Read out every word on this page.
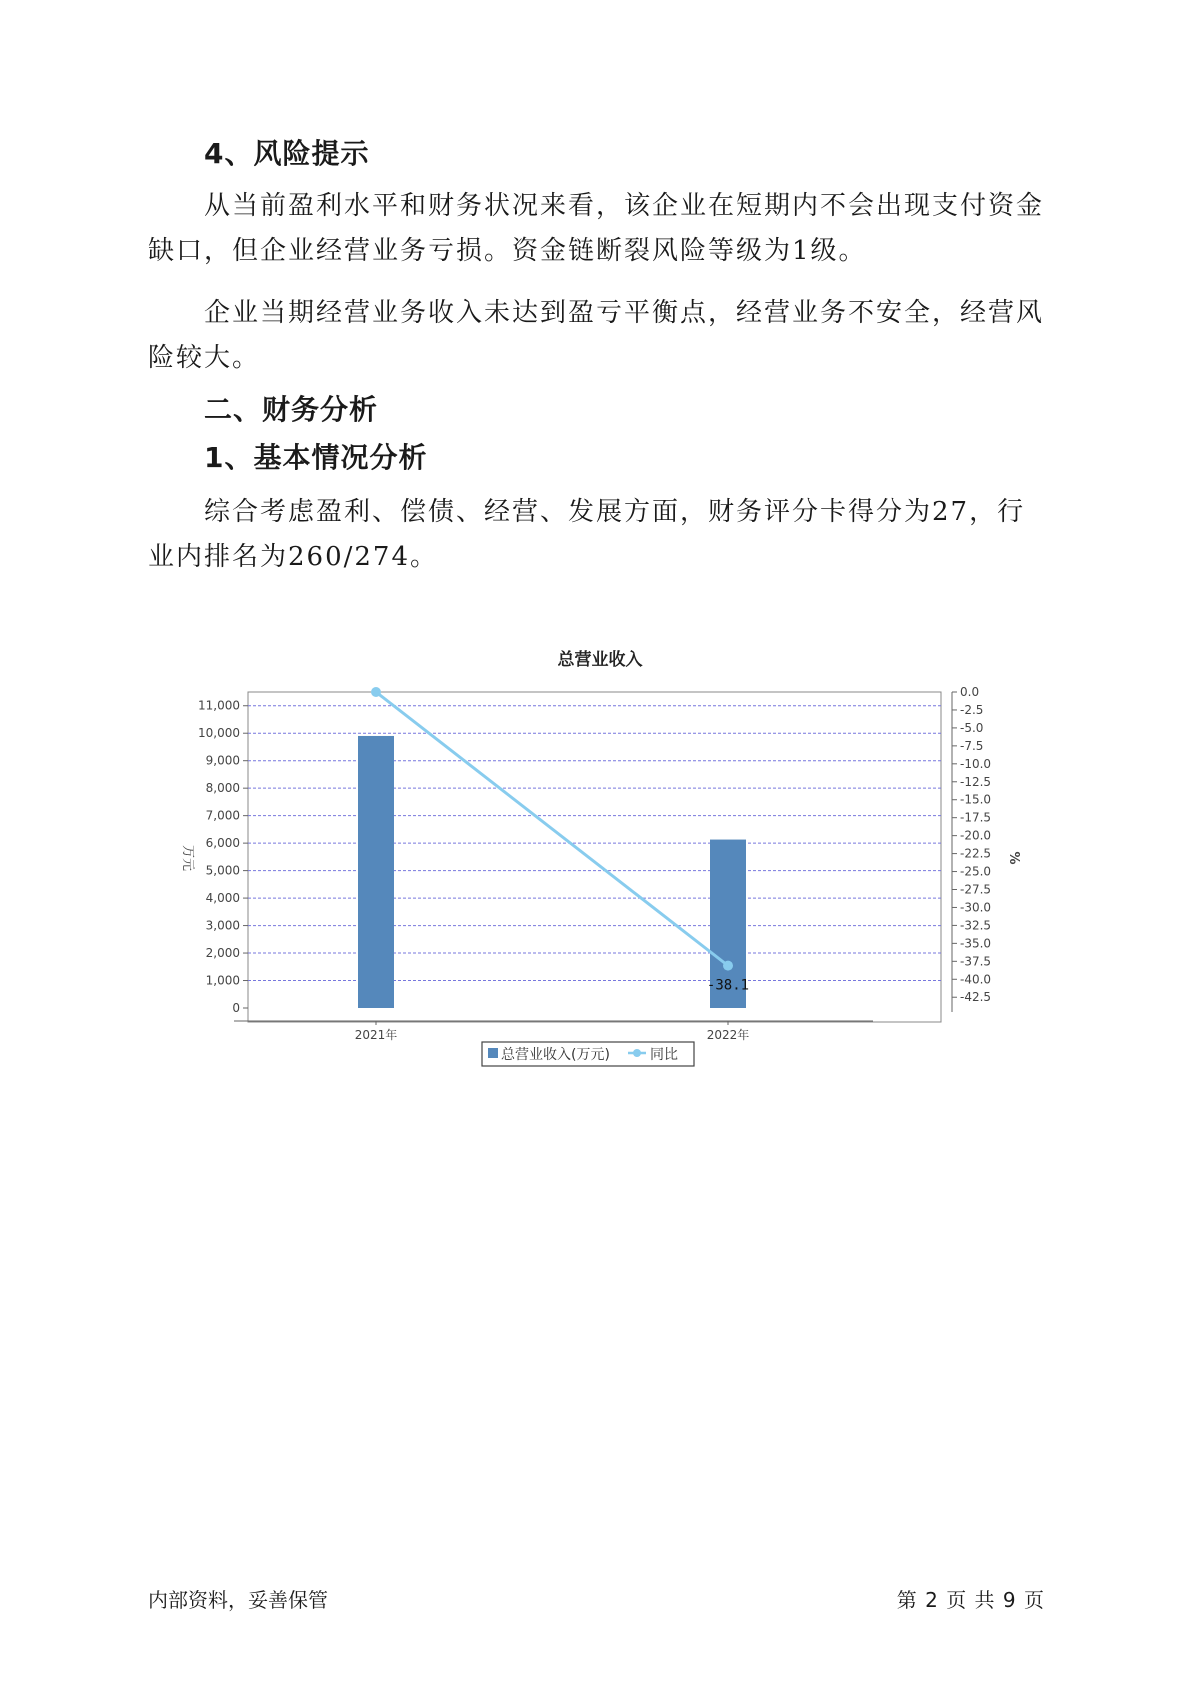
4、风险提示

从当前盈利水平和财务状况来看，该企业在短期内不会出现支付资金缺口，但企业经营业务亏损。资金链断裂风险等级为1级。

企业当期经营业务收入未达到盈亏平衡点，经营业务不安全，经营风险较大。

二、财务分析
1、基本情况分析

综合考虑盈利、偿债、经营、发展方面，财务评分卡得分为27，行业内排名为260/274。

总营业收入
0
1,000
2,000
3,000
4,000
5,000
6,000
7,000
8,000
9,000
10,000
11,000
0.0
-2.5
-5.0
-7.5
-10.0
-12.5
-15.0
-17.5
-20.0
-22.5
-25.0
-27.5
-30.0
-32.5
-35.0
-37.5
-40.0
-42.5
万元	%
2021年	2022年
-38.1
总营业收入(万元)	同比
内部资料，妥善保管	第 2 页 共 9 页
